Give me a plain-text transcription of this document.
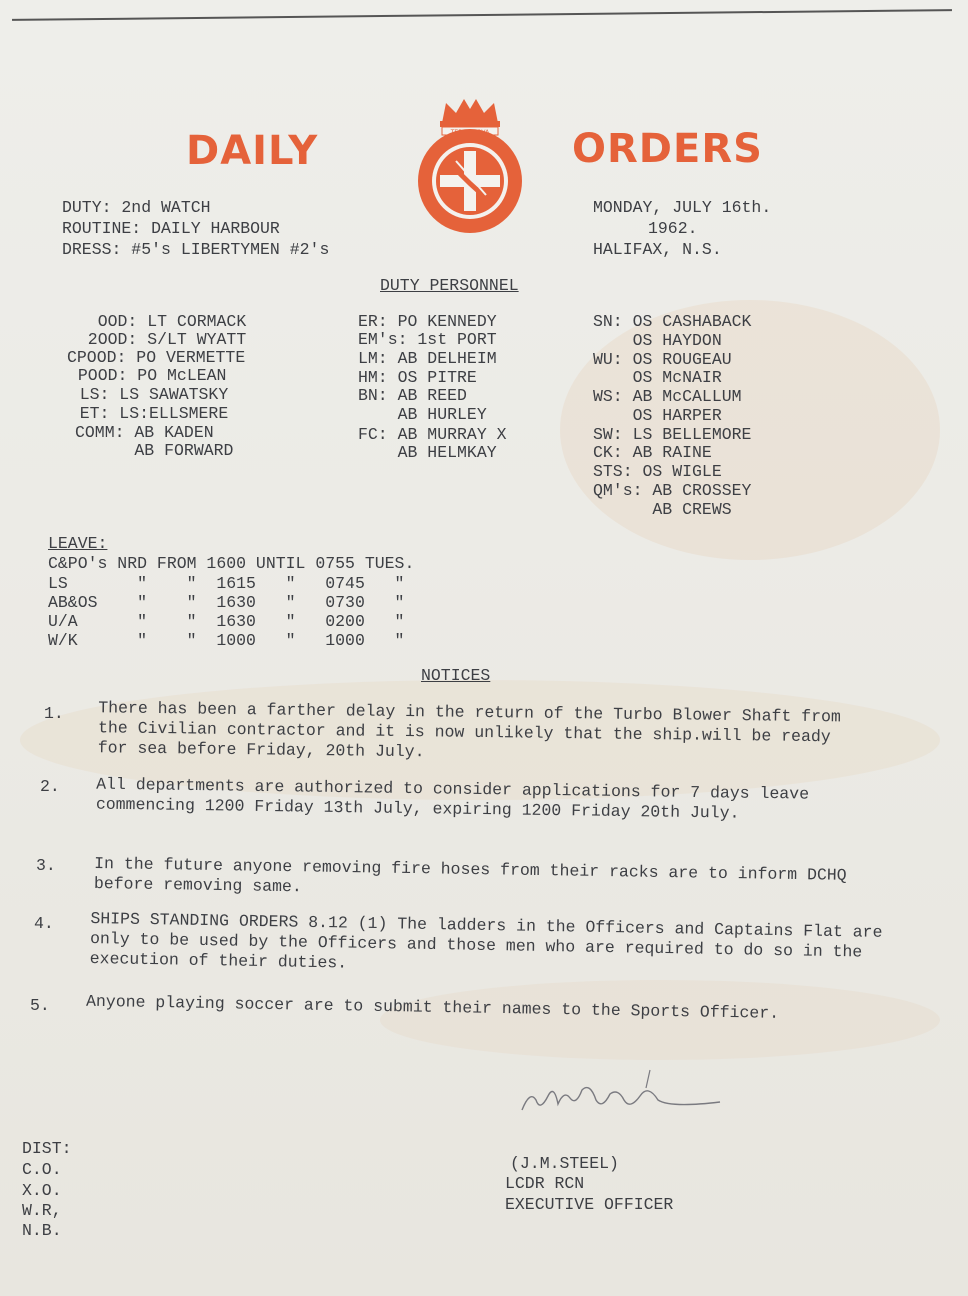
DAILY	ORDERS
DUTY: 2nd WATCH
ROUTINE: DAILY HARBOUR
DRESS: #5's LIBERTYMEN #2's
MONDAY, JULY 16th.
1962.
HALIFAX, N.S.
DUTY PERSONNEL
OOD: LT CORMACK
2OOD: S/LT WYATT
CPOOD: PO VERMETTE
POOD: PO McLEAN
LS: LS SAWATSKY
ET: LS:ELLSMERE
COMM: AB KADEN
AB FORWARD
ER: PO KENNEDY
EM's: 1st PORT
LM: AB DELHEIM
HM: OS PITRE
BN: AB REED
AB HURLEY
FC: AB MURRAY X
AB HELMKAY
SN: OS CASHABACK
OS HAYDON
WU: OS ROUGEAU
OS McNAIR
WS: AB McCALLUM
OS HARPER
SW: LS BELLEMORE
CK: AB RAINE
STS: OS WIGLE
QM's: AB CROSSEY
AB CREWS
LEAVE:
C&PO's NRD FROM 1600 UNTIL 0755 TUES.
LS       "    "  1615   "   0745   "
AB&OS    "    "  1630   "   0730   "
U/A      "    "  1630   "   0200   "
W/K      "    "  1000   "   1000   "
NOTICES
1. There has been a farther delay in the return of the Turbo Blower Shaft from the Civilian contractor and it is now unlikely that the ship.will be ready for sea before Friday, 20th July.
2. All departments are authorized to consider applications for 7 days leave commencing 1200 Friday 13th July, expiring 1200 Friday 20th July.
3. In the future anyone removing fire hoses from their racks are to inform DCHQ before removing same.
4. SHIPS STANDING ORDERS 8.12 (1) The ladders in the Officers and Captains Flat are only to be used by the Officers and those men who are required to do so in the execution of their duties.
5. Anyone playing soccer are to submit their names to the Sports Officer.
(J.M.STEEL)
LCDR RCN
EXECUTIVE OFFICER
DIST:
C.O.
X.O.
W.R,
N.B.
